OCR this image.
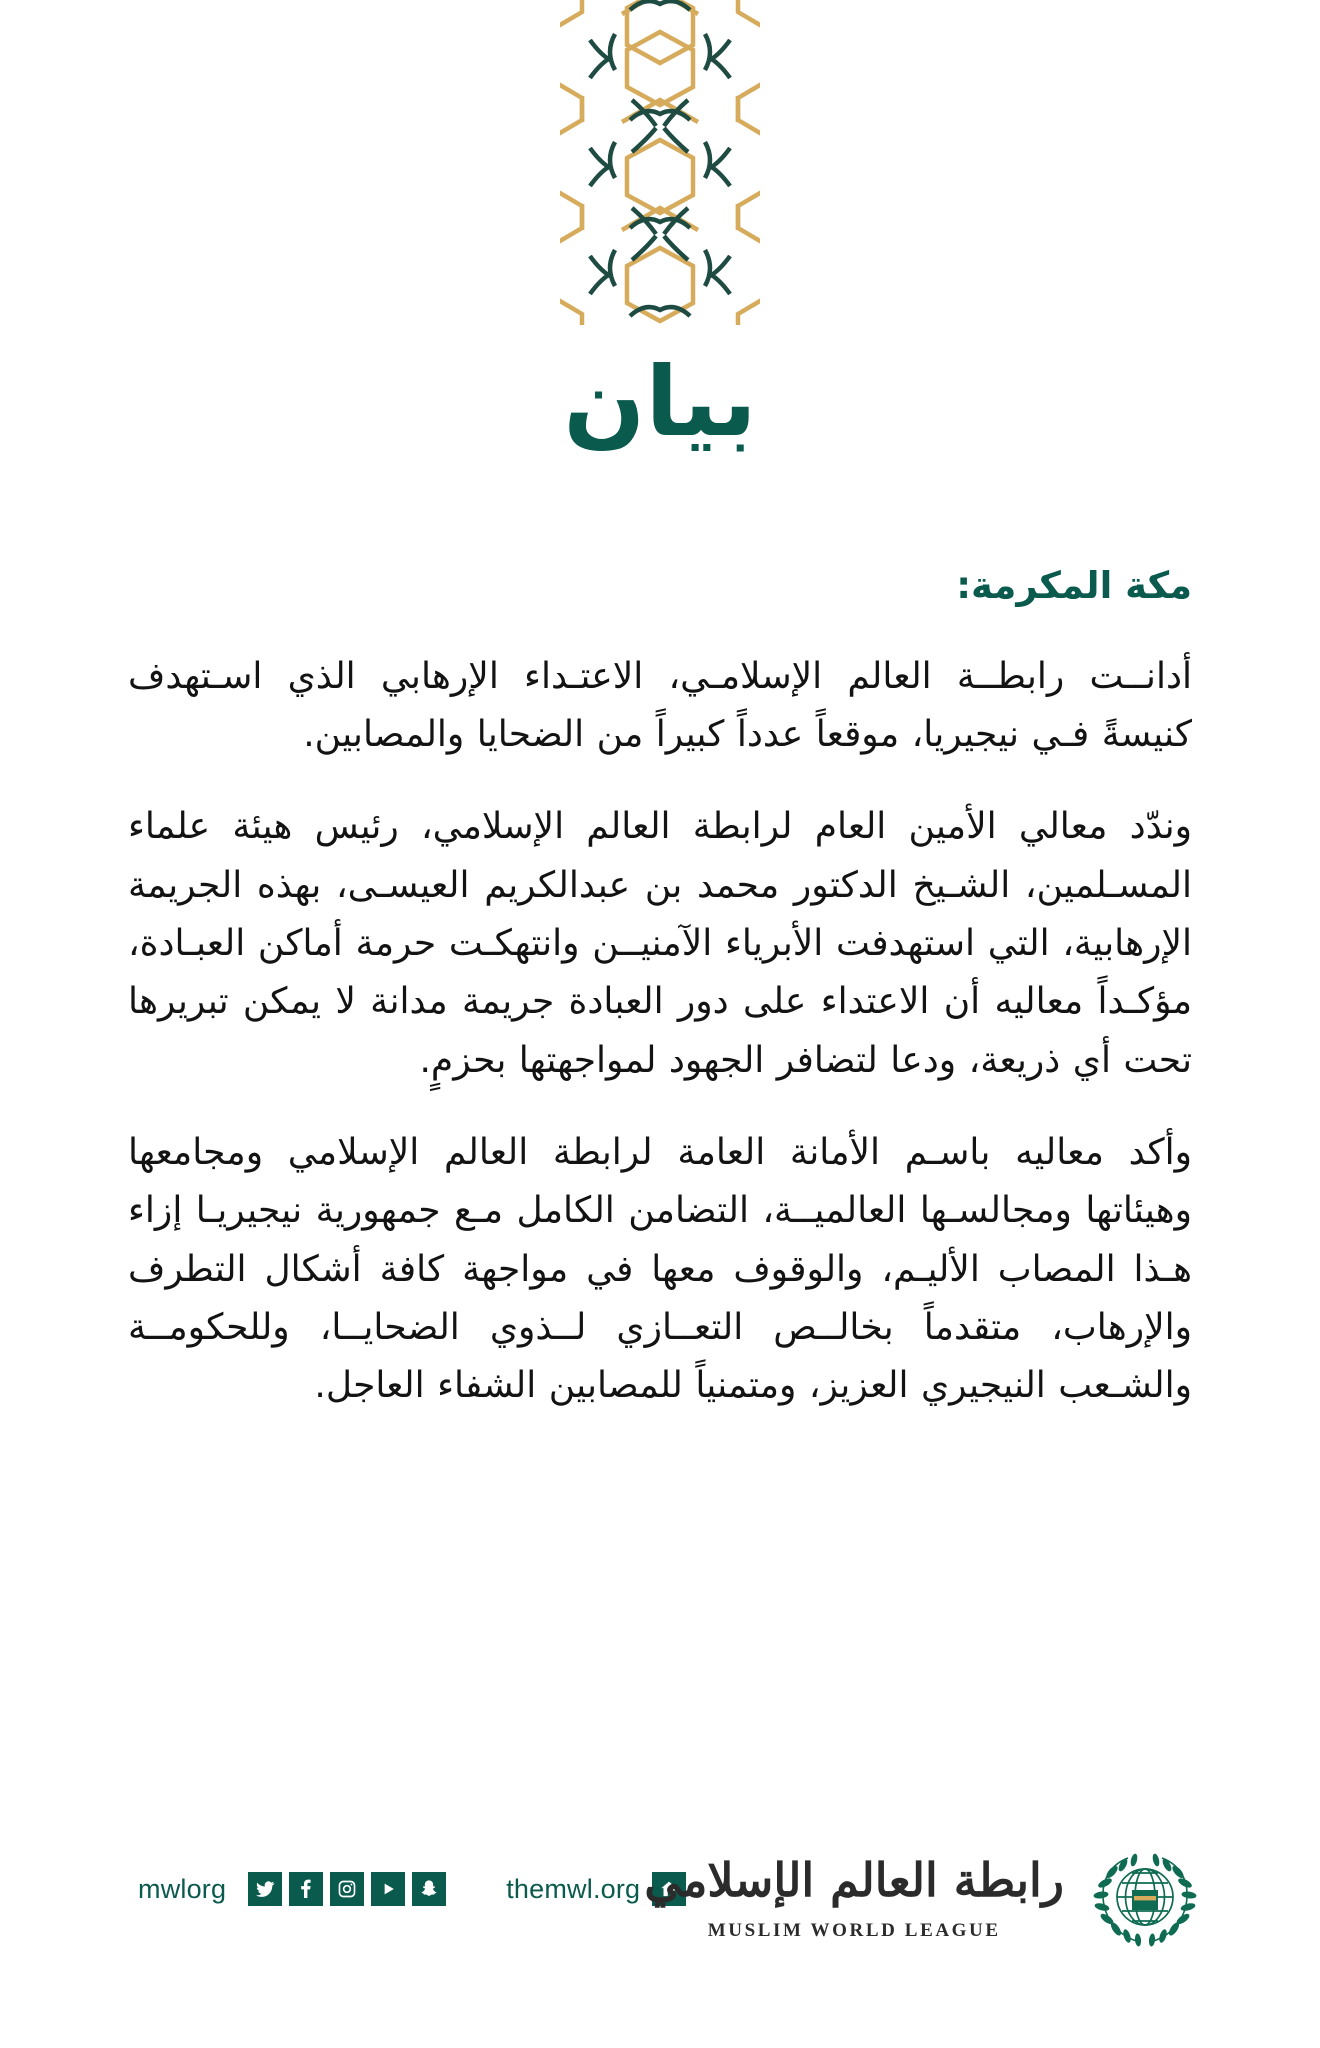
بيان
مكة المكرمة:

أدانــت رابطــة العالم الإسلامـي، الاعتـداء الإرهابي الذي اسـتهدف كنيسةً فـي نيجيريا، موقعاً عدداً كبيراً من الضحايا والمصابين.

وندّد معالي الأمين العام لرابطة العالم الإسلامي، رئيس هيئة علماء المسـلمين، الشـيخ الدكتور محمد بن عبدالكريم العيسـى، بهذه الجريمة الإرهابية، التي استهدفت الأبرياء الآمنيــن وانتهكـت حرمة أماكن العبـادة، مؤكـداً معاليه أن الاعتداء على دور العبادة جريمة مدانة لا يمكن تبريرها تحت أي ذريعة، ودعا لتضافر الجهود لمواجهتها بحزمٍ.

وأكد معاليه باسـم الأمانة العامة لرابطة العالم الإسلامي ومجامعها وهيئاتها ومجالسـها العالميــة، التضامن الكامل مـع جمهورية نيجيريـا إزاء هـذا المصاب الأليـم، والوقوف معها في مواجهة كافة أشكال التطرف والإرهاب، متقدماً بخالــص التعــازي لــذوي الضحايــا، وللحكومــة والشـعب النيجيري العزيز، ومتمنياً للمصابين الشفاء العاجل.

mwlorg	themwl.org رابطة العالم الإسلامي
MUSLIM WORLD LEAGUE
